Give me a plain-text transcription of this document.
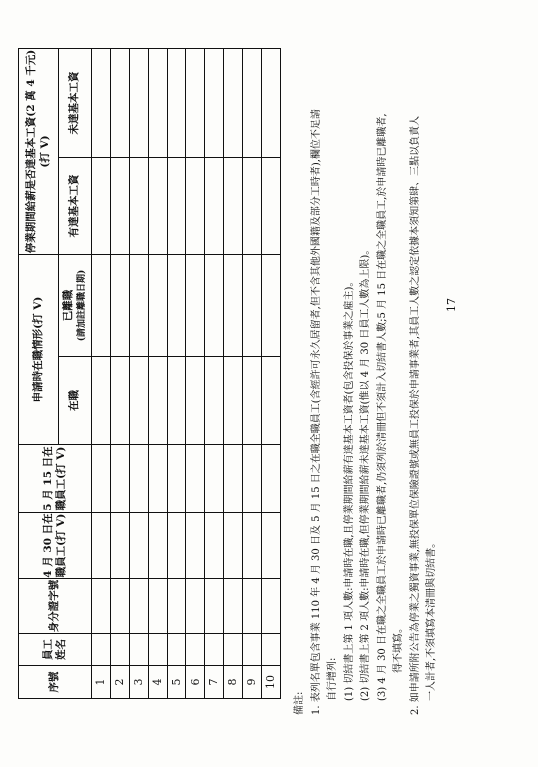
序號	員工姓名	身分證字號	4 月 30 日在職員工(打 V)	5 月 15 日在職員工(打 V)	申請時在職情形(打 V)		停業期間給薪是否達基本工資(2 萬 4 千元)(打 V)	
					在職	已離職 (請加註離職日期)	有達基本工資	未達基本工資
1								
2								
3								
4								
5								
6								
7								
8								
9								
10								

備註: 1. 表列名單包含事業 110 年 4 月 30 日及 5 月 15 日之在職全職員工(含經許可永久居留者,但不含其他外國籍及部分工時者),欄位不足請 自行增列: (1) 切結書上第 1 項人數:申請時在職,且停業期間給薪有達基本工資者(包含投保於事業之雇主)。 (2) 切結書上第 2 項人數:申請時在職,但停業期間給薪未達基本工資(惟以 4 月 30 日員工人數為上限)。 (3) 4 月 30 日在職之全職員工於申請時已離職者,仍須列於清冊但不須計入切結書人數;5 月 15 日在職之全職員工,於申請時已離職者, 得不填寫。 2. 如申請所附公告為停業之獨資事業,無投保單位保險證號或無員工投保於申請事業者,其員工人數之認定依據本須知第肆、三點以負責人 一人計者,不須填寫本清冊與切結書。

17
